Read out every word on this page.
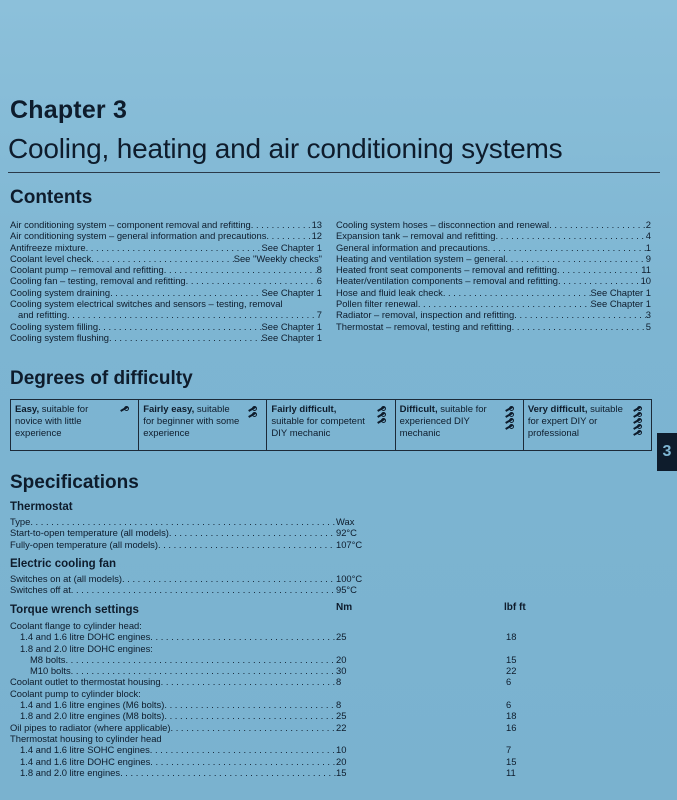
Chapter 3
Cooling, heating and air conditioning systems
Contents
Air conditioning system – component removal and refitting . . .	13
Air conditioning system – general information and precautions . . .	12
Antifreeze mixture . . .	See Chapter 1
Coolant level check . . .	See "Weekly checks"
Coolant pump – removal and refitting . . .	8
Cooling fan – testing, removal and refitting . . .	6
Cooling system draining . . .	See Chapter 1
Cooling system electrical switches and sensors – testing, removal
and refitting . . .	7
Cooling system filling . . .	See Chapter 1
Cooling system flushing . . .	See Chapter 1
Cooling system hoses – disconnection and renewal . . .	2
Expansion tank – removal and refitting . . .	4
General information and precautions . . .	1
Heating and ventilation system – general . . .	9
Heated front seat components – removal and refitting . . .	11
Heater/ventilation components – removal and refitting . . .	10
Hose and fluid leak check . . .	See Chapter 1
Pollen filter renewal . . .	See Chapter 1
Radiator – removal, inspection and refitting . . .	3
Thermostat – removal, testing and refitting . . .	5
Degrees of difficulty
Easy, suitable for novice with little experience
Fairly easy, suitable for beginner with some experience
Fairly difficult, suitable for competent DIY mechanic
Difficult, suitable for experienced DIY mechanic
Very difficult, suitable for expert DIY or professional
3
Specifications
Thermostat
Type . . .	Wax
Start-to-open temperature (all models) . . .	92°C
Fully-open temperature (all models) . . .	107°C
Electric cooling fan
Switches on at (all models) . . .	100°C
Switches off at . . .	95°C
Torque wrench settings	Nm	lbf ft
Coolant flange to cylinder head:
1.4 and 1.6 litre DOHC engines . . .	25	18
1.8 and 2.0 litre DOHC engines:
M8 bolts . . .	20	15
M10 bolts . . .	30	22
Coolant outlet to thermostat housing . . .	8	6
Coolant pump to cylinder block:
1.4 and 1.6 litre engines (M6 bolts) . . .	8	6
1.8 and 2.0 litre engines (M8 bolts) . . .	25	18
Oil pipes to radiator (where applicable) . . .	22	16
Thermostat housing to cylinder head
1.4 and 1.6 litre SOHC engines . . .	10	7
1.4 and 1.6 litre DOHC engines . . .	20	15
1.8 and 2.0 litre engines . . .	15	11
